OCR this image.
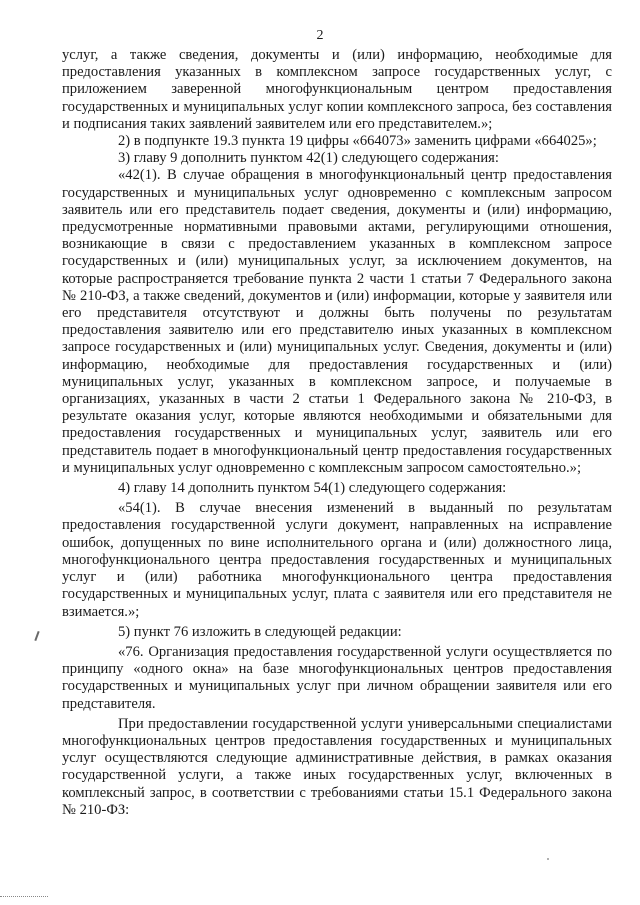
2

услуг, а также сведения, документы и (или) информацию, необходимые для предоставления указанных в комплексном запросе государственных услуг, с приложением заверенной многофункциональным центром предоставления государственных и муниципальных услуг копии комплексного запроса, без составления и подписания таких заявлений заявителем или его представителем.»;

2) в подпункте 19.3 пункта 19 цифры «664073» заменить цифрами «664025»;

3) главу 9 дополнить пунктом 42(1) следующего содержания:

«42(1). В случае обращения в многофункциональный центр предоставления государственных и муниципальных услуг одновременно с комплексным запросом заявитель или его представитель подает сведения, документы и (или) информацию, предусмотренные нормативными правовыми актами, регулирующими отношения, возникающие в связи с предоставлением указанных в комплексном запросе государственных и (или) муниципальных услуг, за исключением документов, на которые распространяется требование пункта 2 части 1 статьи 7 Федерального закона № 210-ФЗ, а также сведений, документов и (или) информации, которые у заявителя или его представителя отсутствуют и должны быть получены по результатам предоставления заявителю или его представителю иных указанных в комплексном запросе государственных и (или) муниципальных услуг. Сведения, документы и (или) информацию, необходимые для предоставления государственных и (или) муниципальных услуг, указанных в комплексном запросе, и получаемые в организациях, указанных в части 2 статьи 1 Федерального закона № 210-ФЗ, в результате оказания услуг, которые являются необходимыми и обязательными для предоставления государственных и муниципальных услуг, заявитель или его представитель подает в многофункциональный центр предоставления государственных и муниципальных услуг одновременно с комплексным запросом самостоятельно.»;

4) главу 14 дополнить пунктом 54(1) следующего содержания:

«54(1). В случае внесения изменений в выданный по результатам предоставления государственной услуги документ, направленных на исправление ошибок, допущенных по вине исполнительного органа и (или) должностного лица, многофункционального центра предоставления государственных и муниципальных услуг и (или) работника многофункционального центра предоставления государственных и муниципальных услуг, плата с заявителя или его представителя не взимается.»;

5) пункт 76 изложить в следующей редакции:

«76. Организация предоставления государственной услуги осуществляется по принципу «одного окна» на базе многофункциональных центров предоставления государственных и муниципальных услуг при личном обращении заявителя или его представителя.

При предоставлении государственной услуги универсальными специалистами многофункциональных центров предоставления государственных и муниципальных услуг осуществляются следующие административные действия, в рамках оказания государственной услуги, а также иных государственных услуг, включенных в комплексный запрос, в соответствии с требованиями статьи 15.1 Федерального закона № 210-ФЗ:
